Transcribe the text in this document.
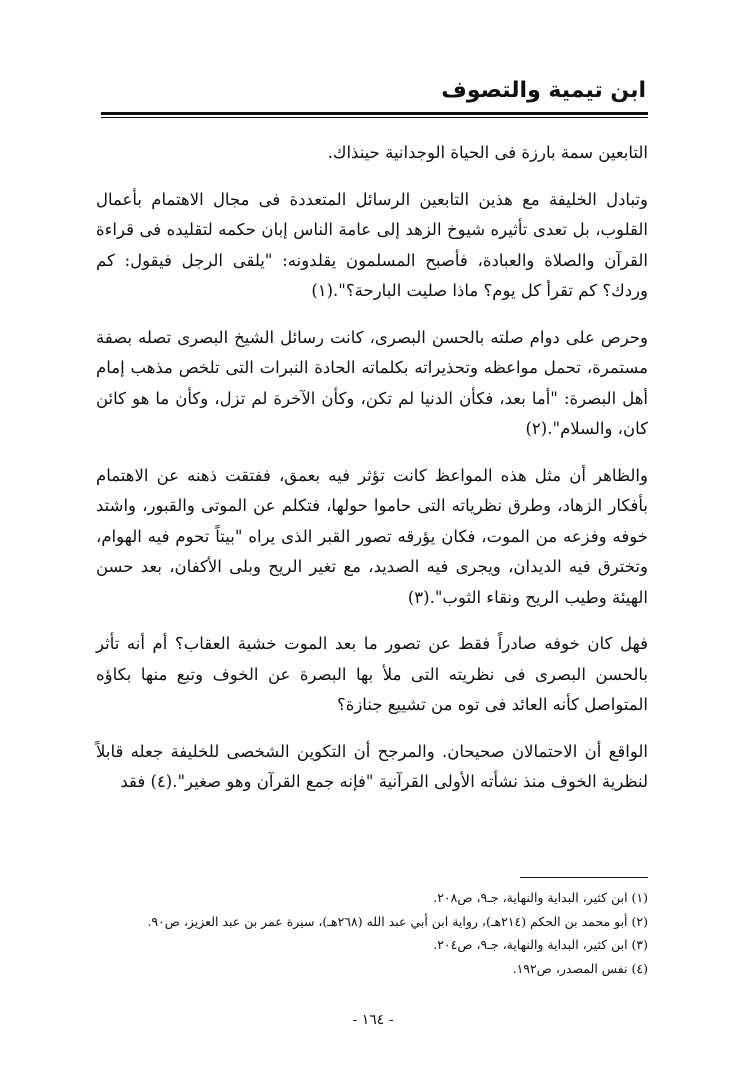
ابن تيمية والتصوف

التابعين سمة بارزة فى الحياة الوجدانية حينذاك.

وتبادل الخليفة مع هذين التابعين الرسائل المتعددة فى مجال الاهتمام بأعمال القلوب، بل تعدى تأثيره شيوخ الزهد إلى عامة الناس إبان حكمه لتقليده فى قراءة القرآن والصلاة والعبادة، فأصبح المسلمون يقلدونه: "يلقى الرجل فيقول: كم وردك؟ كم تقرأ كل يوم؟ ماذا صليت البارحة؟".(١)

وحرص على دوام صلته بالحسن البصرى، كانت رسائل الشيخ البصرى تصله بصفة مستمرة، تحمل مواعظه وتحذيراته بكلماته الحادة النبرات التى تلخص مذهب إمام أهل البصرة: "أما بعد، فكأن الدنيا لم تكن، وكأن الآخرة لم تزل، وكأن ما هو كائن كان، والسلام".(٢)

والظاهر أن مثل هذه المواعظ كانت تؤثر فيه بعمق، ففتقت ذهنه عن الاهتمام بأفكار الزهاد، وطرق نظرياته التى حاموا حولها، فتكلم عن الموتى والقبور، واشتد خوفه وفزعه من الموت، فكان يؤرقه تصور القبر الذى يراه "بيتاً تحوم فيه الهوام، وتخترق فيه الديدان، ويجرى فيه الصديد، مع تغير الريح وبلى الأكفان، بعد حسن الهيئة وطيب الريح ونقاء الثوب".(٣)

فهل كان خوفه صادراً فقط عن تصور ما بعد الموت خشية العقاب؟ أم أنه تأثر بالحسن البصرى فى نظريته التى ملأ بها البصرة عن الخوف وتبع منها بكاؤه المتواصل كأنه العائد فى توه من تشييع جنازة؟

الواقع أن الاحتمالان صحيحان. والمرجح أن التكوين الشخصى للخليفة جعله قابلاً لنظرية الخوف منذ نشأته الأولى القرآنية "فإنه جمع القرآن وهو صغير".(٤) فقد

(١) ابن كثير، البداية والنهاية، جـ٩، ص٢٠٨.
(٢) أبو محمد بن الحكم (٢١٤هـ)، رواية ابن أبي عبد الله (٢٦٨هـ)، سيرة عمر بن عبد العزيز، ص٩٠.
(٣) ابن كثير، البداية والنهاية، جـ٩، ص٢٠٤.
(٤) نفس المصدر، ص١٩٢.
- ١٦٤ -
